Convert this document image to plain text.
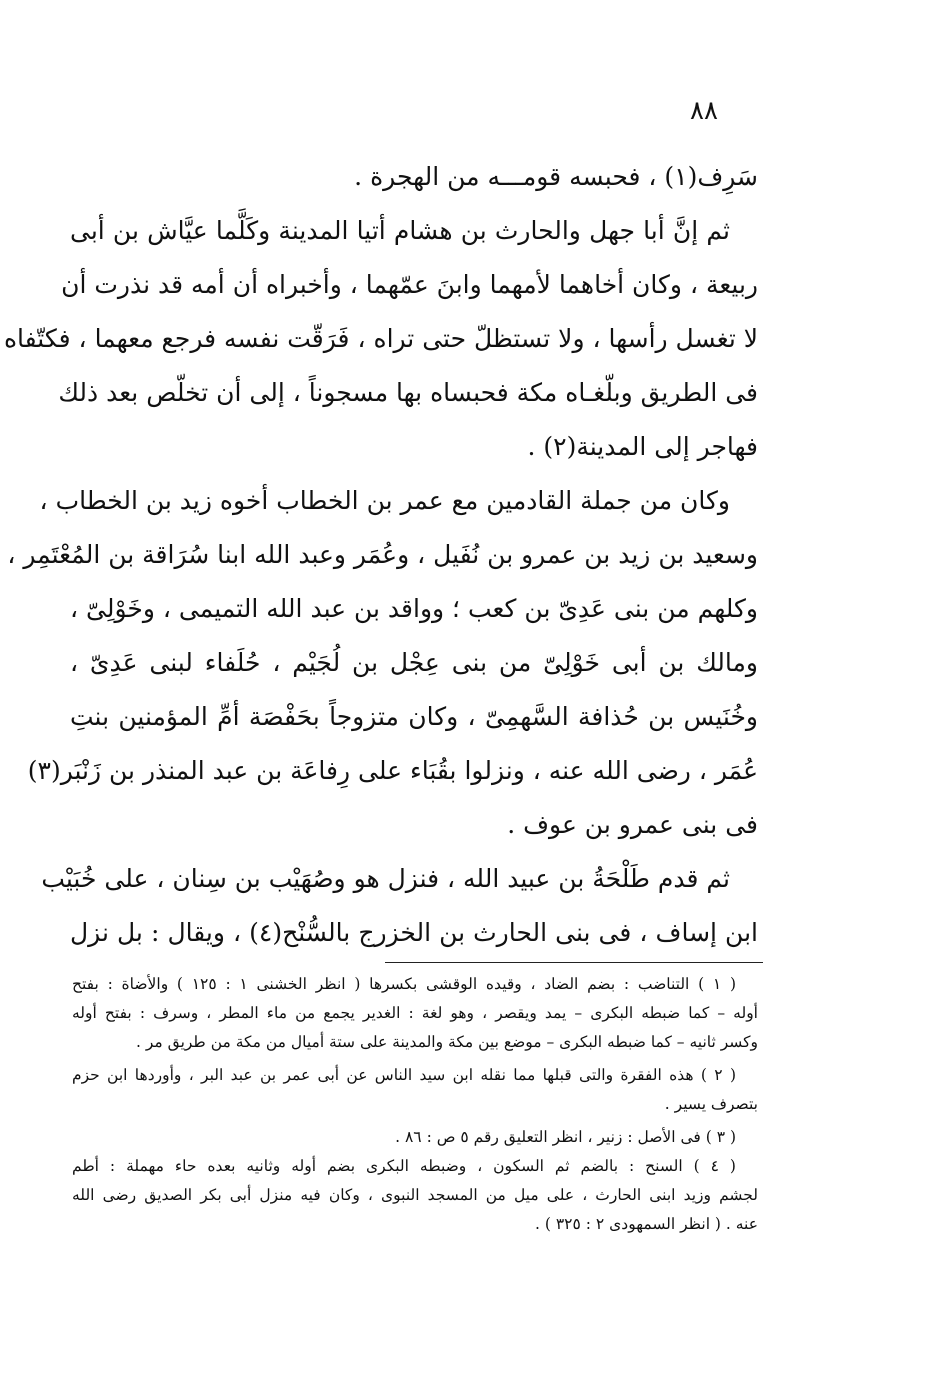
٨٨
سَرِف(١) ، فحبسه قومـــه من الهجرة .
ثم إنَّ أبا جهل والحارث بن هشام أتيا المدينة وكَلَّما عيَّاش بن أبى
ربيعة ، وكان أخاهما لأمهما وابنَ عمّهما ، وأخبراه أن أمه قد نذرت أن
لا تغسل رأسها ، ولا تستظلّ حتى تراه ، فَرَقّت نفسه فرجع معهما ، فكتّفاه
فى الطريق وبلّغـاه مكة فحبساه بها مسجوناً ، إلى أن تخلّص بعد ذلك
فهاجر إلى المدينة(٢) .
وكان من جملة القادمين مع عمر بن الخطاب أخوه زيد بن الخطاب ،
وسعيد بن زيد بن عمرو بن نُفَيل ، وعُمَر وعبد الله ابنا سُرَاقة بن المُعْتَمِر ،
وكلهم من بنى عَدِىّ بن كعب ؛ وواقد بن عبد الله التميمى ، وخَوْلِىّ ،
ومالك بن أبى خَوْلِىّ من بنى عِجْل بن لُجَيْم ، حُلَفاء لبنى عَدِىّ ،
وخُنَيس بن حُذافة السَّهمِىّ ، وكان متزوجاً بحَفْصَة أمِّ المؤمنين بنتِ
عُمَر ، رضى الله عنه ، ونزلوا بقُبَاء على رِفاعَة بن عبد المنذر بن زَنْبَر(٣)
فى بنى عمرو بن عوف .
ثم قدم طَلْحَةُ بن عبيد الله ، فنزل هو وصُهَيْب بن سِنان ، على خُبَيْب
ابن إساف ، فى بنى الحارث بن الخزرج بالسُّنْح(٤) ، ويقال : بل نزل
( ١ ) التناضب : بضم الضاد ، وقيده الوقشى بكسرها ( انظر الخشنى ١ : ١٢٥ ) والأضاة : بفتح
أوله – كما ضبطه البكرى – يمد ويقصر ، وهو لغة : الغدير يجمع من ماء المطر ، وسرف : بفتح أوله
وكسر ثانيه – كما ضبطه البكرى – موضع بين مكة والمدينة على ستة أميال من مكة من طريق مر .
( ٢ ) هذه الفقرة والتى قبلها مما نقله ابن سيد الناس عن أبى عمر بن عبد البر ، وأوردها ابن حزم
بتصرف يسير .
( ٣ ) فى الأصل : زنير ، انظر التعليق رقم ٥ ص : ٨٦ .
( ٤ ) السنح : بالضم ثم السكون ، وضبطه البكرى بضم أوله وثانيه بعده حاء مهملة : أطم
لجشم وزيد ابنى الحارث ، على ميل من المسجد النبوى ، وكان فيه منزل أبى بكر الصديق رضى الله
عنه . ( انظر السمهودى ٢ : ٣٢٥ ) .
